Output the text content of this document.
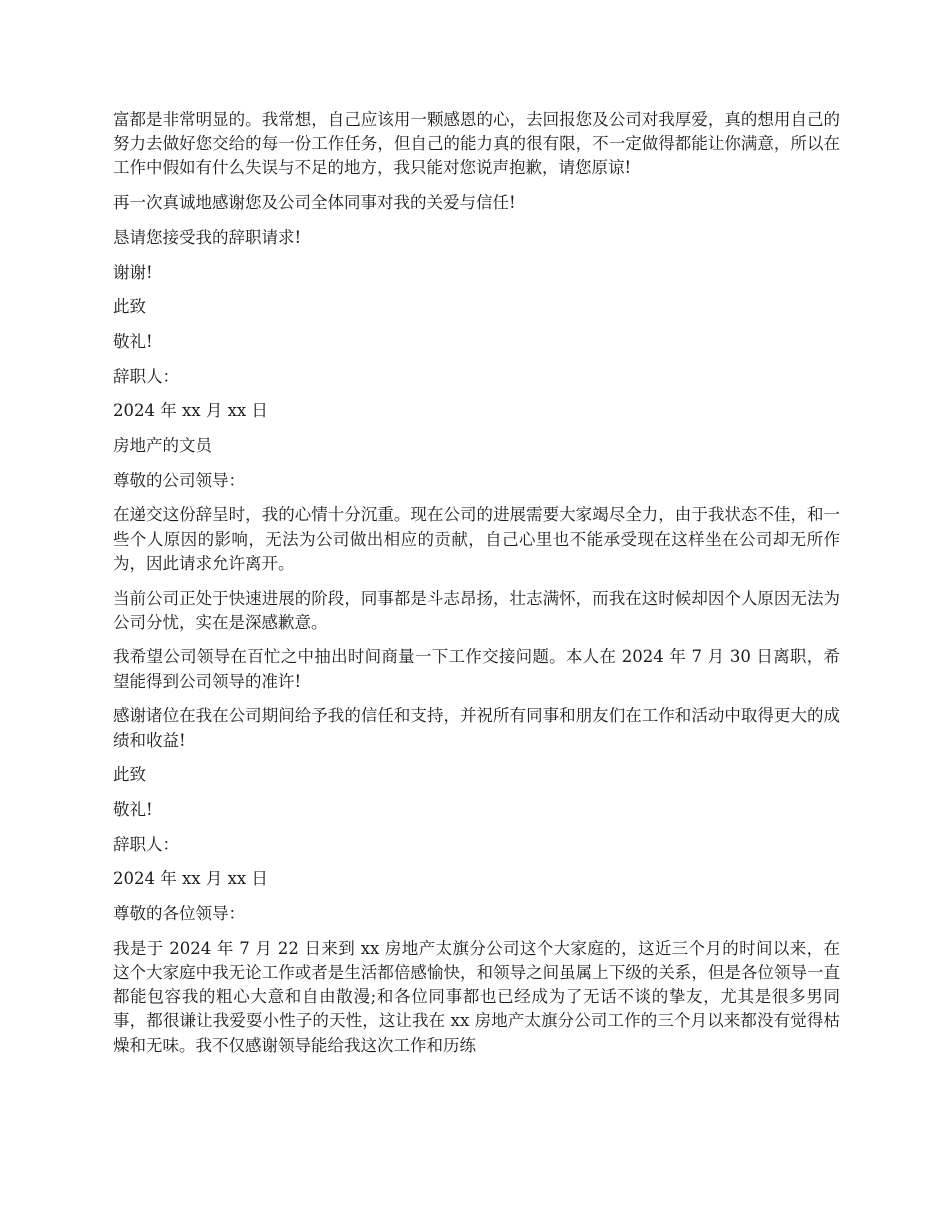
富都是非常明显的。我常想，自己应该用一颗感恩的心，去回报您及公司对我厚爱，真的想用自己的努力去做好您交给的每一份工作任务，但自己的能力真的很有限，不一定做得都能让你满意，所以在工作中假如有什么失误与不足的地方，我只能对您说声抱歉，请您原谅!

再一次真诚地感谢您及公司全体同事对我的关爱与信任!

恳请您接受我的辞职请求!

谢谢!

此致

敬礼!

辞职人：

2024 年 xx 月 xx 日

房地产的文员

尊敬的公司领导：

在递交这份辞呈时，我的心情十分沉重。现在公司的进展需要大家竭尽全力，由于我状态不佳，和一些个人原因的影响，无法为公司做出相应的贡献，自己心里也不能承受现在这样坐在公司却无所作为，因此请求允许离开。

当前公司正处于快速进展的阶段，同事都是斗志昂扬，壮志满怀，而我在这时候却因个人原因无法为公司分忧，实在是深感歉意。

我希望公司领导在百忙之中抽出时间商量一下工作交接问题。本人在 2024 年 7 月 30 日离职，希望能得到公司领导的准许!

感谢诸位在我在公司期间给予我的信任和支持，并祝所有同事和朋友们在工作和活动中取得更大的成绩和收益!

此致

敬礼!

辞职人：

2024 年 xx 月 xx 日

尊敬的各位领导：

我是于 2024 年 7 月 22 日来到 xx 房地产太旗分公司这个大家庭的，这近三个月的时间以来，在这个大家庭中我无论工作或者是生活都倍感愉快，和领导之间虽属上下级的关系，但是各位领导一直都能包容我的粗心大意和自由散漫;和各位同事都也已经成为了无话不谈的挚友，尤其是很多男同事，都很谦让我爱耍小性子的天性，这让我在 xx 房地产太旗分公司工作的三个月以来都没有觉得枯燥和无味。我不仅感谢领导能给我这次工作和历练
